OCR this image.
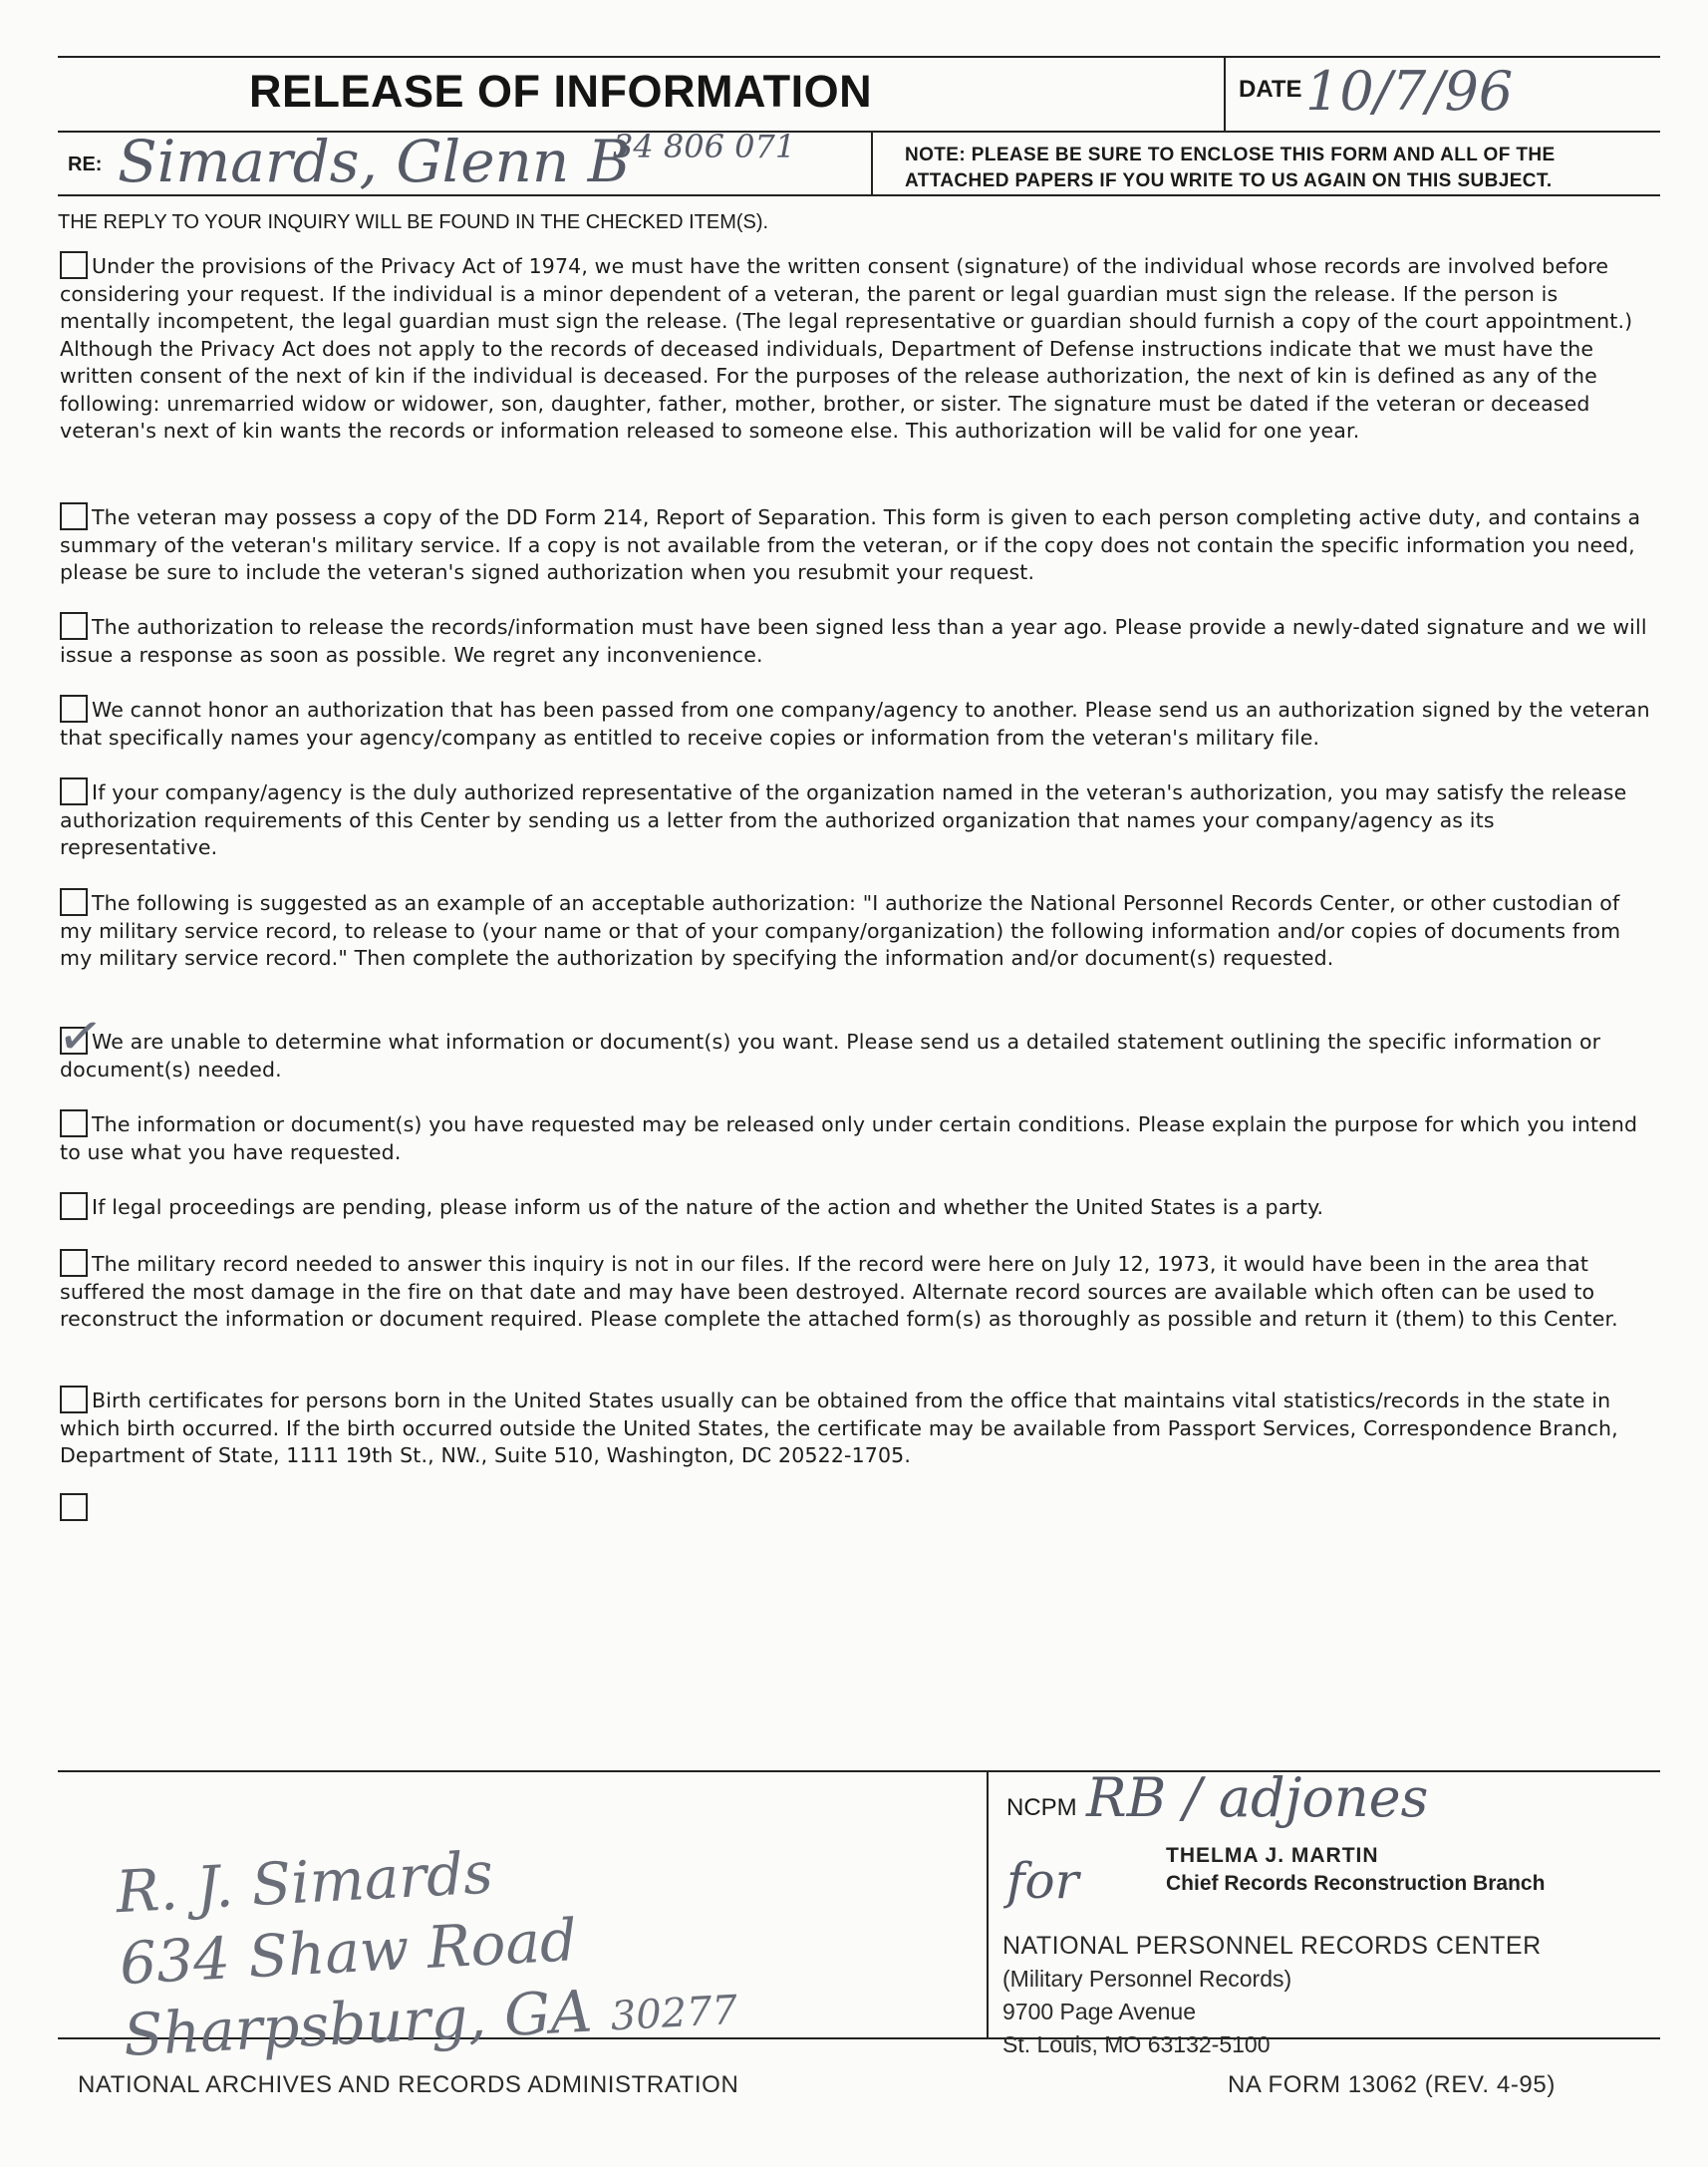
RELEASE OF INFORMATION	DATE 10/7/96
RE: Simards, Glenn B
34 806 071	NOTE: PLEASE BE SURE TO ENCLOSE THIS FORM AND ALL OF THE ATTACHED PAPERS IF YOU WRITE TO US AGAIN ON THIS SUBJECT.
THE REPLY TO YOUR INQUIRY WILL BE FOUND IN THE CHECKED ITEM(S).
Under the provisions of the Privacy Act of 1974, we must have the written consent (signature) of the individual whose records are involved before considering your request. If the individual is a minor dependent of a veteran, the parent or legal guardian must sign the release. If the person is mentally incompetent, the legal guardian must sign the release. (The legal representative or guardian should furnish a copy of the court appointment.) Although the Privacy Act does not apply to the records of deceased individuals, Department of Defense instructions indicate that we must have the written consent of the next of kin if the individual is deceased. For the purposes of the release authorization, the next of kin is defined as any of the following: unremarried widow or widower, son, daughter, father, mother, brother, or sister. The signature must be dated if the veteran or deceased veteran's next of kin wants the records or information released to someone else. This authorization will be valid for one year.
The veteran may possess a copy of the DD Form 214, Report of Separation. This form is given to each person completing active duty, and contains a summary of the veteran's military service. If a copy is not available from the veteran, or if the copy does not contain the specific information you need, please be sure to include the veteran's signed authorization when you resubmit your request.
The authorization to release the records/information must have been signed less than a year ago. Please provide a newly-dated signature and we will issue a response as soon as possible. We regret any inconvenience.
We cannot honor an authorization that has been passed from one company/agency to another. Please send us an authorization signed by the veteran that specifically names your agency/company as entitled to receive copies or information from the veteran's military file.
If your company/agency is the duly authorized representative of the organization named in the veteran's authorization, you may satisfy the release authorization requirements of this Center by sending us a letter from the authorized organization that names your company/agency as its representative.
The following is suggested as an example of an acceptable authorization: "I authorize the National Personnel Records Center, or other custodian of my military service record, to release to (your name or that of your company/organization) the following information and/or copies of documents from my military service record." Then complete the authorization by specifying the information and/or document(s) requested.
We are unable to determine what information or document(s) you want. Please send us a detailed statement outlining the specific information or document(s) needed.
✓
The information or document(s) you have requested may be released only under certain conditions. Please explain the purpose for which you intend to use what you have requested.
If legal proceedings are pending, please inform us of the nature of the action and whether the United States is a party.
The military record needed to answer this inquiry is not in our files. If the record were here on July 12, 1973, it would have been in the area that suffered the most damage in the fire on that date and may have been destroyed. Alternate record sources are available which often can be used to reconstruct the information or document required. Please complete the attached form(s) as thoroughly as possible and return it (them) to this Center.
Birth certificates for persons born in the United States usually can be obtained from the office that maintains vital statistics/records in the state in which birth occurred. If the birth occurred outside the United States, the certificate may be available from Passport Services, Correspondence Branch, Department of State, 1111 19th St., NW., Suite 510, Washington, DC 20522-1705.
R. J. Simards
634 Shaw Road
Sharpsburg, GA 30277
NCPM RB / adjones
for	THELMA J. MARTIN
Chief Records Reconstruction Branch
NATIONAL PERSONNEL RECORDS CENTER
(Military Personnel Records)
9700 Page Avenue
St. Louis, MO 63132-5100
NATIONAL ARCHIVES AND RECORDS ADMINISTRATION	NA FORM 13062 (REV. 4-95)
